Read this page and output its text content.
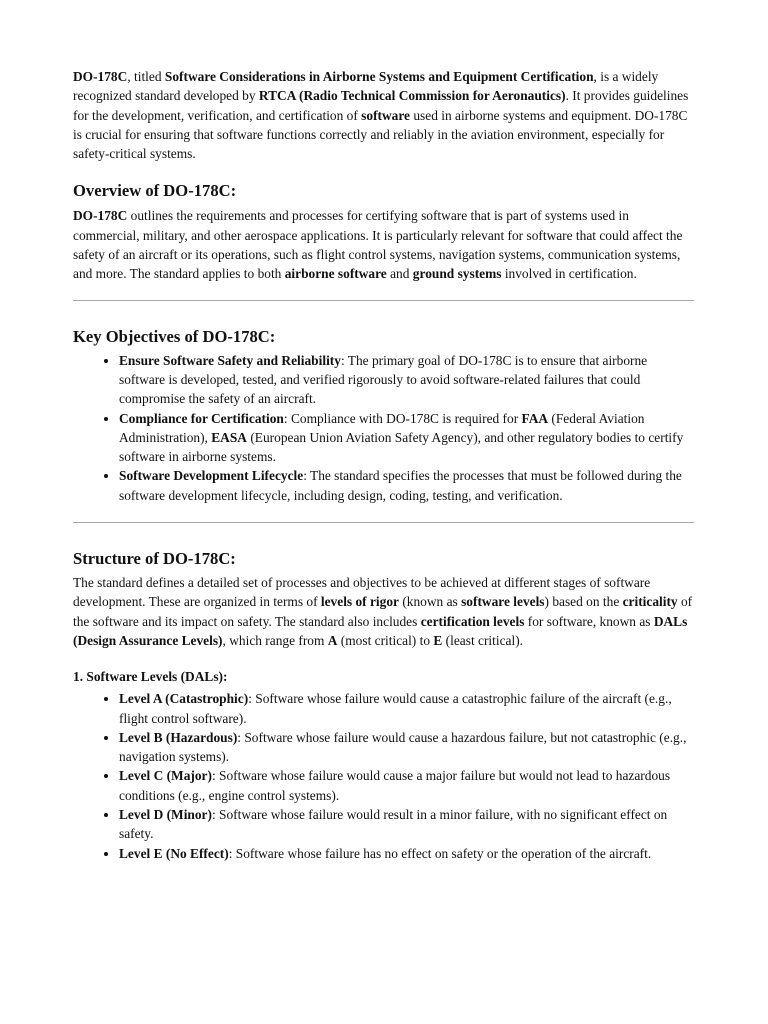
DO-178C, titled Software Considerations in Airborne Systems and Equipment Certification, is a widely recognized standard developed by RTCA (Radio Technical Commission for Aeronautics). It provides guidelines for the development, verification, and certification of software used in airborne systems and equipment. DO-178C is crucial for ensuring that software functions correctly and reliably in the aviation environment, especially for safety-critical systems.

Overview of DO-178C:

DO-178C outlines the requirements and processes for certifying software that is part of systems used in commercial, military, and other aerospace applications. It is particularly relevant for software that could affect the safety of an aircraft or its operations, such as flight control systems, navigation systems, communication systems, and more. The standard applies to both airborne software and ground systems involved in certification.

Key Objectives of DO-178C:
• Ensure Software Safety and Reliability: The primary goal of DO-178C is to ensure that airborne software is developed, tested, and verified rigorously to avoid software-related failures that could compromise the safety of an aircraft.
• Compliance for Certification: Compliance with DO-178C is required for FAA (Federal Aviation Administration), EASA (European Union Aviation Safety Agency), and other regulatory bodies to certify software in airborne systems.
• Software Development Lifecycle: The standard specifies the processes that must be followed during the software development lifecycle, including design, coding, testing, and verification.
Structure of DO-178C:

The standard defines a detailed set of processes and objectives to be achieved at different stages of software development. These are organized in terms of levels of rigor (known as software levels) based on the criticality of the software and its impact on safety. The standard also includes certification levels for software, known as DALs (Design Assurance Levels), which range from A (most critical) to E (least critical).

1. Software Levels (DALs):
• Level A (Catastrophic): Software whose failure would cause a catastrophic failure of the aircraft (e.g., flight control software).
• Level B (Hazardous): Software whose failure would cause a hazardous failure, but not catastrophic (e.g., navigation systems).
• Level C (Major): Software whose failure would cause a major failure but would not lead to hazardous conditions (e.g., engine control systems).
• Level D (Minor): Software whose failure would result in a minor failure, with no significant effect on safety.
• Level E (No Effect): Software whose failure has no effect on safety or the operation of the aircraft.
